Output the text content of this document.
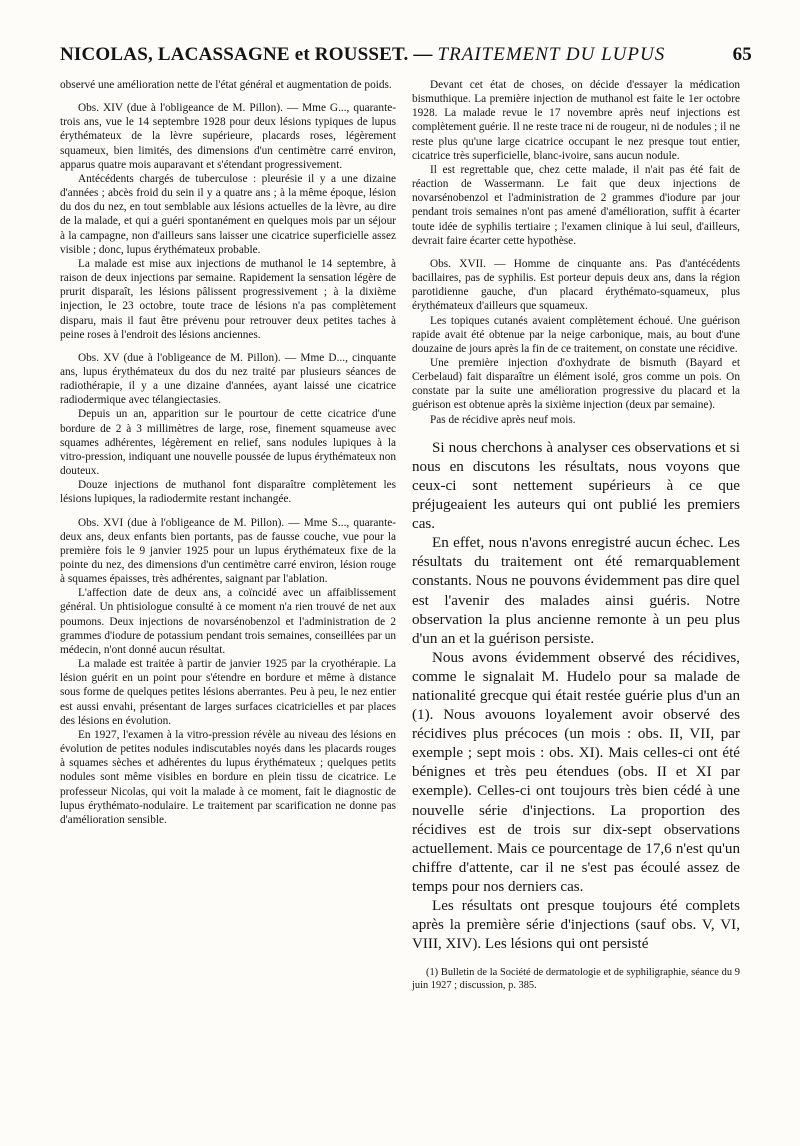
NICOLAS, LACASSAGNE et ROUSSET. — TRAITEMENT DU LUPUS	65

observé une amélioration nette de l'état général et augmentation de poids.

Obs. XIV (due à l'obligeance de M. Pillon). — Mme G..., quarante-trois ans, vue le 14 septembre 1928 pour deux lésions typiques de lupus érythémateux de la lèvre supérieure, placards roses, légèrement squameux, bien limités, des dimensions d'un centimètre carré environ, apparus quatre mois auparavant et s'étendant progressivement.

Antécédents chargés de tuberculose : pleurésie il y a une dizaine d'années ; abcès froid du sein il y a quatre ans ; à la même époque, lésion du dos du nez, en tout semblable aux lésions actuelles de la lèvre, au dire de la malade, et qui a guéri spontanément en quelques mois par un séjour à la campagne, non d'ailleurs sans laisser une cicatrice superficielle assez visible ; donc, lupus érythémateux probable.

La malade est mise aux injections de muthanol le 14 septembre, à raison de deux injections par semaine. Rapidement la sensation légère de prurit disparaît, les lésions pâlissent progressivement ; à la dixième injection, le 23 octobre, toute trace de lésions n'a pas complètement disparu, mais il faut être prévenu pour retrouver deux petites taches à peine roses à l'endroit des lésions anciennes.

Obs. XV (due à l'obligeance de M. Pillon). — Mme D..., cinquante ans, lupus érythémateux du dos du nez traité par plusieurs séances de radiothérapie, il y a une dizaine d'années, ayant laissé une cicatrice radiodermique avec télangiectasies.

Depuis un an, apparition sur le pourtour de cette cicatrice d'une bordure de 2 à 3 millimètres de large, rose, finement squameuse avec squames adhérentes, légèrement en relief, sans nodules lupiques à la vitro-pression, indiquant une nouvelle poussée de lupus érythémateux non douteux.

Douze injections de muthanol font disparaître complètement les lésions lupiques, la radiodermite restant inchangée.

Obs. XVI (due à l'obligeance de M. Pillon). — Mme S..., quarante-deux ans, deux enfants bien portants, pas de fausse couche, vue pour la première fois le 9 janvier 1925 pour un lupus érythémateux fixe de la pointe du nez, des dimensions d'un centimètre carré environ, lésion rouge à squames épaisses, très adhérentes, saignant par l'ablation.

L'affection date de deux ans, a coïncidé avec un affaiblissement général. Un phtisiologue consulté à ce moment n'a rien trouvé de net aux poumons. Deux injections de novarsénobenzol et l'administration de 2 grammes d'iodure de potassium pendant trois semaines, conseillées par un médecin, n'ont donné aucun résultat.

La malade est traitée à partir de janvier 1925 par la cryothérapie. La lésion guérit en un point pour s'étendre en bordure et même à distance sous forme de quelques petites lésions aberrantes. Peu à peu, le nez entier est aussi envahi, présentant de larges surfaces cicatricielles et par places des lésions en évolution.

En 1927, l'examen à la vitro-pression révèle au niveau des lésions en évolution de petites nodules indiscutables noyés dans les placards rouges à squames sèches et adhérentes du lupus érythémateux ; quelques petits nodules sont même visibles en bordure en plein tissu de cicatrice. Le professeur Nicolas, qui voit la malade à ce moment, fait le diagnostic de lupus érythémato-nodulaire. Le traitement par scarification ne donne pas d'amélioration sensible.

Devant cet état de choses, on décide d'essayer la médication bismuthique. La première injection de muthanol est faite le 1er octobre 1928. La malade revue le 17 novembre après neuf injections est complètement guérie. Il ne reste trace ni de rougeur, ni de nodules ; il ne reste plus qu'une large cicatrice occupant le nez presque tout entier, cicatrice très superficielle, blanc-ivoire, sans aucun nodule.

Il est regrettable que, chez cette malade, il n'ait pas été fait de réaction de Wassermann. Le fait que deux injections de novarsénobenzol et l'administration de 2 grammes d'iodure par jour pendant trois semaines n'ont pas amené d'amélioration, suffit à écarter toute idée de syphilis tertiaire ; l'examen clinique à lui seul, d'ailleurs, devrait faire écarter cette hypothèse.

Obs. XVII. — Homme de cinquante ans. Pas d'antécédents bacillaires, pas de syphilis. Est porteur depuis deux ans, dans la région parotidienne gauche, d'un placard érythémato-squameux, plus érythémateux d'ailleurs que squameux.

Les topiques cutanés avaient complètement échoué. Une guérison rapide avait été obtenue par la neige carbonique, mais, au bout d'une douzaine de jours après la fin de ce traitement, on constate une récidive.

Une première injection d'oxhydrate de bismuth (Bayard et Cerbelaud) fait disparaître un élément isolé, gros comme un pois. On constate par la suite une amélioration progressive du placard et la guérison est obtenue après la sixième injection (deux par semaine).

Pas de récidive après neuf mois.

Si nous cherchons à analyser ces observations et si nous en discutons les résultats, nous voyons que ceux-ci sont nettement supérieurs à ce que préjugeaient les auteurs qui ont publié les premiers cas.

En effet, nous n'avons enregistré aucun échec. Les résultats du traitement ont été remarquablement constants. Nous ne pouvons évidemment pas dire quel est l'avenir des malades ainsi guéris. Notre observation la plus ancienne remonte à un peu plus d'un an et la guérison persiste.

Nous avons évidemment observé des récidives, comme le signalait M. Hudelo pour sa malade de nationalité grecque qui était restée guérie plus d'un an (1). Nous avouons loyalement avoir observé des récidives plus précoces (un mois : obs. II, VII, par exemple ; sept mois : obs. XI). Mais celles-ci ont été bénignes et très peu étendues (obs. II et XI par exemple). Celles-ci ont toujours très bien cédé à une nouvelle série d'injections. La proportion des récidives est de trois sur dix-sept observations actuellement. Mais ce pourcentage de 17,6 n'est qu'un chiffre d'attente, car il ne s'est pas écoulé assez de temps pour nos derniers cas.

Les résultats ont presque toujours été complets après la première série d'injections (sauf obs. V, VI, VIII, XIV). Les lésions qui ont persisté

(1) Bulletin de la Société de dermatologie et de syphiligraphie, séance du 9 juin 1927 ; discussion, p. 385.
